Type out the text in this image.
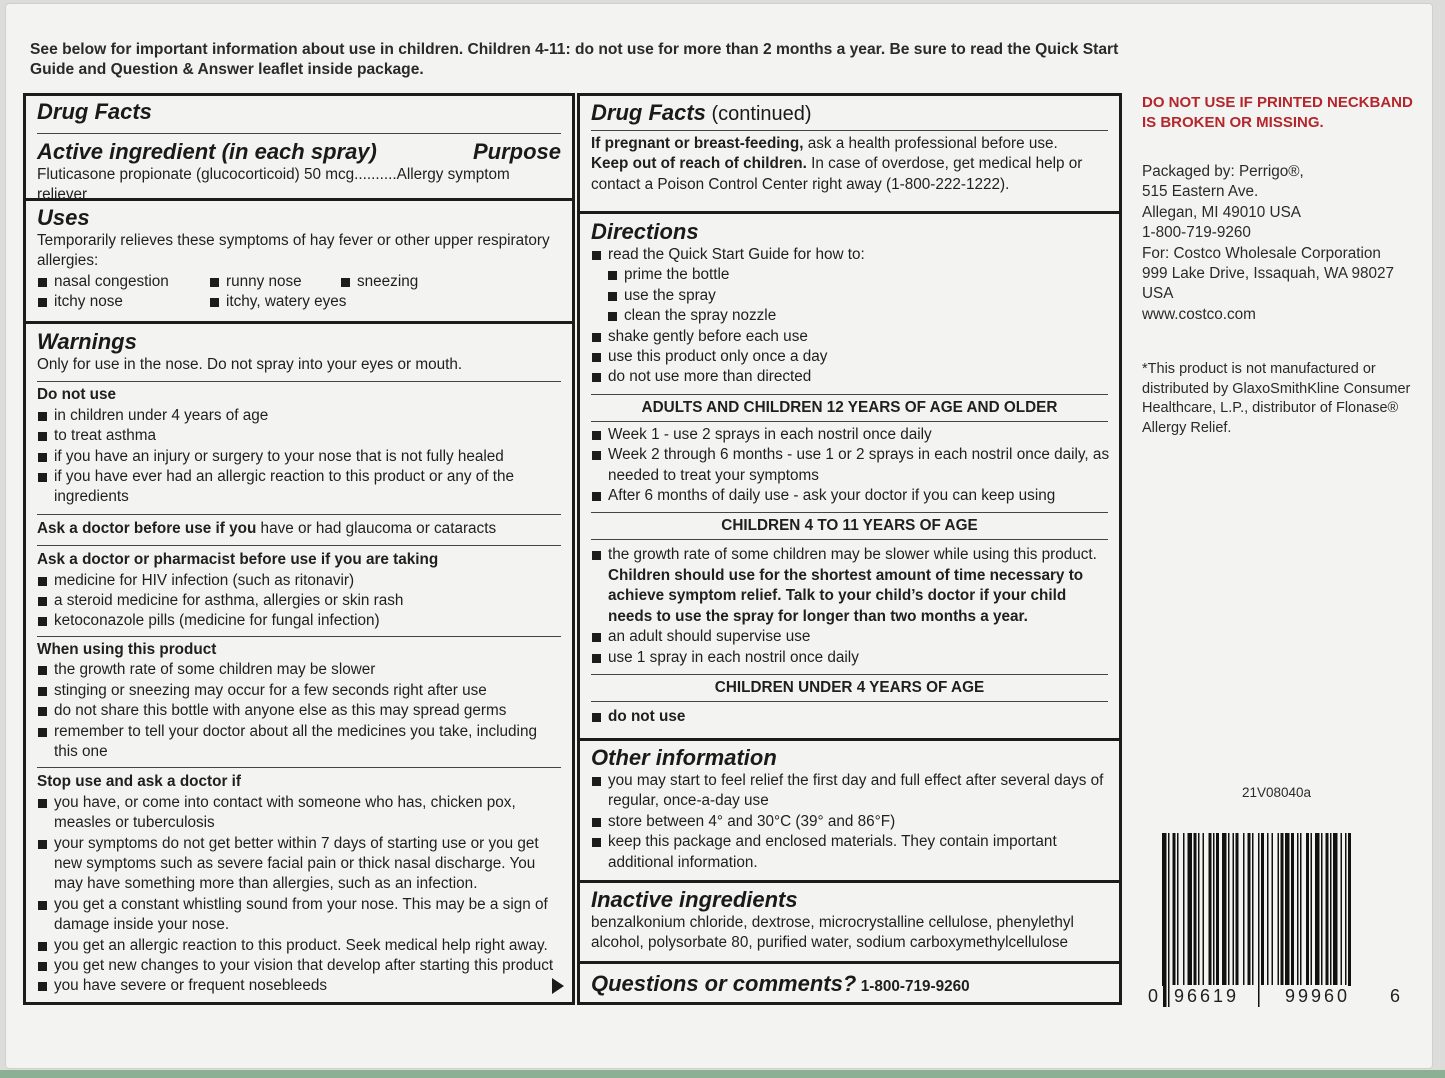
See below for important information about use in children. Children 4-11: do not use for more than 2 months a year. Be sure to read the Quick Start Guide and Question & Answer leaflet inside package.
Drug Facts
Active ingredient (in each spray)	Purpose
Fluticasone propionate (glucocorticoid) 50 mcg..........Allergy symptom reliever
Uses
Temporarily relieves these symptoms of hay fever or other upper respiratory allergies:
nasal congestion	runny nose	sneezing
itchy nose	itchy, watery eyes
Warnings
Only for use in the nose. Do not spray into your eyes or mouth.
Do not use
in children under 4 years of age
to treat asthma
if you have an injury or surgery to your nose that is not fully healed
if you have ever had an allergic reaction to this product or any of the ingredients
Ask a doctor before use if you have or had glaucoma or cataracts
Ask a doctor or pharmacist before use if you are taking
medicine for HIV infection (such as ritonavir)
a steroid medicine for asthma, allergies or skin rash
ketoconazole pills (medicine for fungal infection)
When using this product
the growth rate of some children may be slower
stinging or sneezing may occur for a few seconds right after use
do not share this bottle with anyone else as this may spread germs
remember to tell your doctor about all the medicines you take, including this one
Stop use and ask a doctor if
you have, or come into contact with someone who has, chicken pox, measles or tuberculosis
your symptoms do not get better within 7 days of starting use or you get new symptoms such as severe facial pain or thick nasal discharge. You may have something more than allergies, such as an infection.
you get a constant whistling sound from your nose. This may be a sign of damage inside your nose.
you get an allergic reaction to this product. Seek medical help right away.
you get new changes to your vision that develop after starting this product
you have severe or frequent nosebleeds
Drug Facts (continued)
If pregnant or breast-feeding, ask a health professional before use.
Keep out of reach of children. In case of overdose, get medical help or contact a Poison Control Center right away (1-800-222-1222).
Directions
read the Quick Start Guide for how to:
prime the bottle
use the spray
clean the spray nozzle
shake gently before each use
use this product only once a day
do not use more than directed
ADULTS AND CHILDREN 12 YEARS OF AGE AND OLDER
Week 1 - use 2 sprays in each nostril once daily
Week 2 through 6 months - use 1 or 2 sprays in each nostril once daily, as needed to treat your symptoms
After 6 months of daily use - ask your doctor if you can keep using
CHILDREN 4 TO 11 YEARS OF AGE
the growth rate of some children may be slower while using this product.
Children should use for the shortest amount of time necessary to achieve symptom relief. Talk to your child’s doctor if your child needs to use the spray for longer than two months a year.
an adult should supervise use
use 1 spray in each nostril once daily
CHILDREN UNDER 4 YEARS OF AGE
do not use
Other information
you may start to feel relief the first day and full effect after several days of regular, once-a-day use
store between 4° and 30°C (39° and 86°F)
keep this package and enclosed materials. They contain important additional information.
Inactive ingredients
benzalkonium chloride, dextrose, microcrystalline cellulose, phenylethyl alcohol, polysorbate 80, purified water, sodium carboxymethylcellulose
Questions or comments? 1-800-719-9260
DO NOT USE IF PRINTED NECKBAND IS BROKEN OR MISSING.
Packaged by: Perrigo®,
515 Eastern Ave.
Allegan, MI 49010 USA
1-800-719-9260
For: Costco Wholesale Corporation
999 Lake Drive, Issaquah, WA 98027
USA
www.costco.com
*This product is not manufactured or distributed by GlaxoSmithKline Consumer Healthcare, L.P., distributor of Flonase® Allergy Relief.
21V08040a
0 96619	99960 6
